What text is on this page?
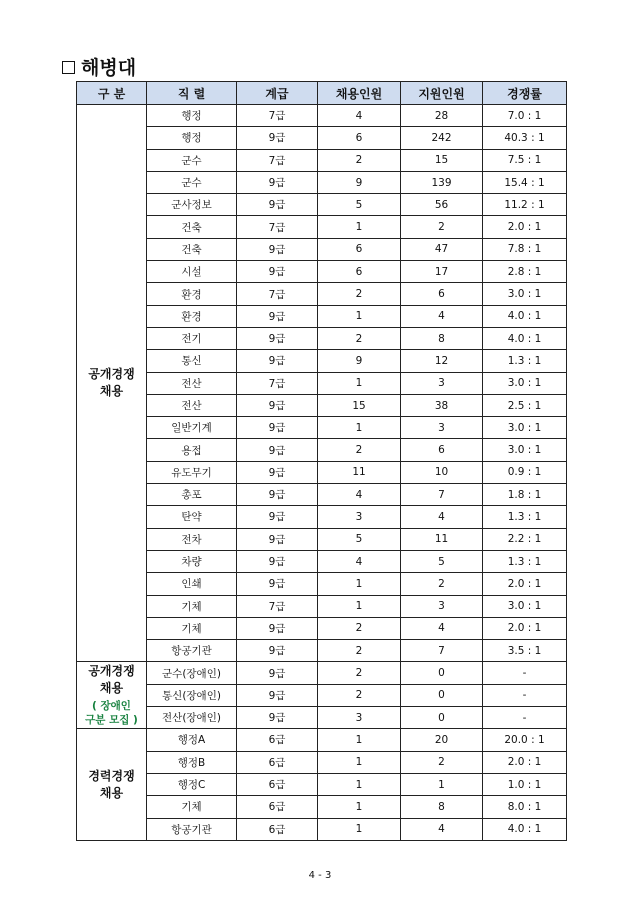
해병대
구 분	직 렬	계급	채용인원	지원인원	경쟁률

공개경쟁
채용	행정	7급	4	28	7.0 : 1
	행정	9급	6	242	40.3 : 1
	군수	7급	2	15	7.5 : 1
	군수	9급	9	139	15.4 : 1
	군사정보	9급	5	56	11.2 : 1
	건축	7급	1	2	2.0 : 1
	건축	9급	6	47	7.8 : 1
	시설	9급	6	17	2.8 : 1
	환경	7급	2	6	3.0 : 1
	환경	9급	1	4	4.0 : 1
	전기	9급	2	8	4.0 : 1
	통신	9급	9	12	1.3 : 1
	전산	7급	1	3	3.0 : 1
	전산	9급	15	38	2.5 : 1
	일반기계	9급	1	3	3.0 : 1
	용접	9급	2	6	3.0 : 1
	유도무기	9급	11	10	0.9 : 1
	총포	9급	4	7	1.8 : 1
	탄약	9급	3	4	1.3 : 1
	전차	9급	5	11	2.2 : 1
	차량	9급	4	5	1.3 : 1
	인쇄	9급	1	2	2.0 : 1
	기체	7급	1	3	3.0 : 1
	기체	9급	2	4	2.0 : 1
	항공기관	9급	2	7	3.5 : 1

공개경쟁
채용
( 장애인
구분 모집 )	군수(장애인)	9급	2	0	-
	통신(장애인)	9급	2	0	-
	전산(장애인)	9급	3	0	-

경력경쟁
채용	행정A	6급	1	20	20.0 : 1
	행정B	6급	1	2	2.0 : 1
	행정C	6급	1	1	1.0 : 1
	기체	6급	1	8	8.0 : 1
	항공기관	6급	1	4	4.0 : 1
4 - 3
